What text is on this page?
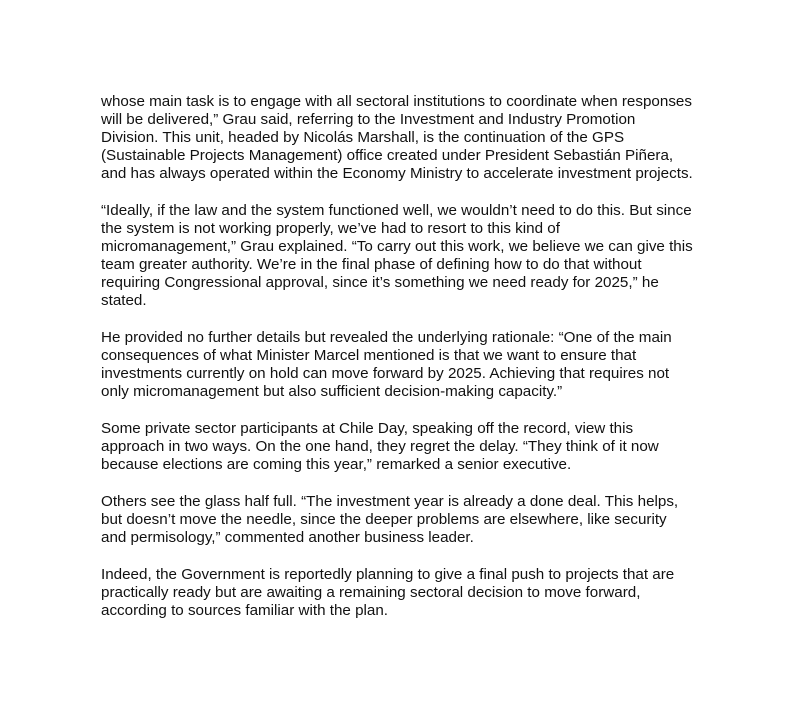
whose main task is to engage with all sectoral institutions to coordinate when responses

will be delivered,” Grau said, referring to the Investment and Industry Promotion

Division. This unit, headed by Nicolás Marshall, is the continuation of the GPS

(Sustainable Projects Management) office created under President Sebastián Piñera,

and has always operated within the Economy Ministry to accelerate investment projects.

“Ideally, if the law and the system functioned well, we wouldn’t need to do this. But since

the system is not working properly, we’ve had to resort to this kind of

micromanagement,” Grau explained. “To carry out this work, we believe we can give this

team greater authority. We’re in the final phase of defining how to do that without

requiring Congressional approval, since it’s something we need ready for 2025,” he

stated.

He provided no further details but revealed the underlying rationale: “One of the main

consequences of what Minister Marcel mentioned is that we want to ensure that

investments currently on hold can move forward by 2025. Achieving that requires not

only micromanagement but also sufficient decision-making capacity.”

Some private sector participants at Chile Day, speaking off the record, view this

approach in two ways. On the one hand, they regret the delay. “They think of it now

because elections are coming this year,” remarked a senior executive.

Others see the glass half full. “The investment year is already a done deal. This helps,

but doesn’t move the needle, since the deeper problems are elsewhere, like security

and permisology,” commented another business leader.

Indeed, the Government is reportedly planning to give a final push to projects that are

practically ready but are awaiting a remaining sectoral decision to move forward,

according to sources familiar with the plan.
